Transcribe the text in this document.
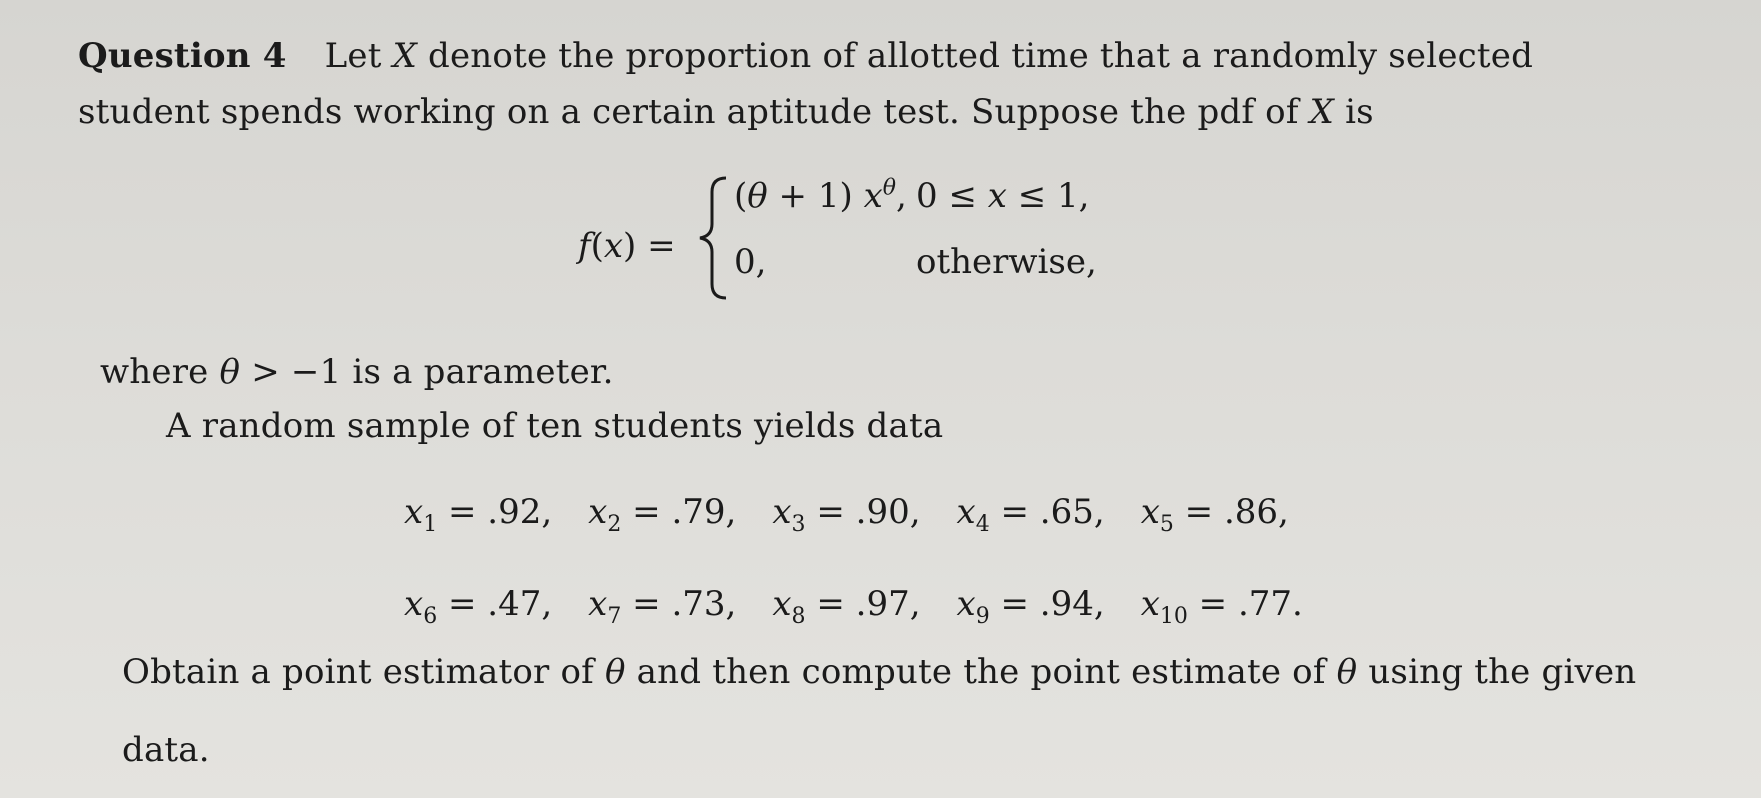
Question 4 Let X denote the proportion of allotted time that a randomly selected
student spends working on a certain aptitude test. Suppose the pdf of X is
f(x) =
(θ + 1) $x^\theta$, 0 ≤ x ≤ 1,
0,	otherwise,
where θ > −1 is a parameter.
A random sample of ten students yields data
$x_1 = .92$, $x_2 = .79$, $x_3 = .90$, $x_4 = .65$, $x_5 = .86$,
$x_6 = .47$, $x_7 = .73$, $x_8 = .97$, $x_9 = .94$, $x_{10} = .77$.
Obtain a point estimator of θ and then compute the point estimate of θ using the given
data.
